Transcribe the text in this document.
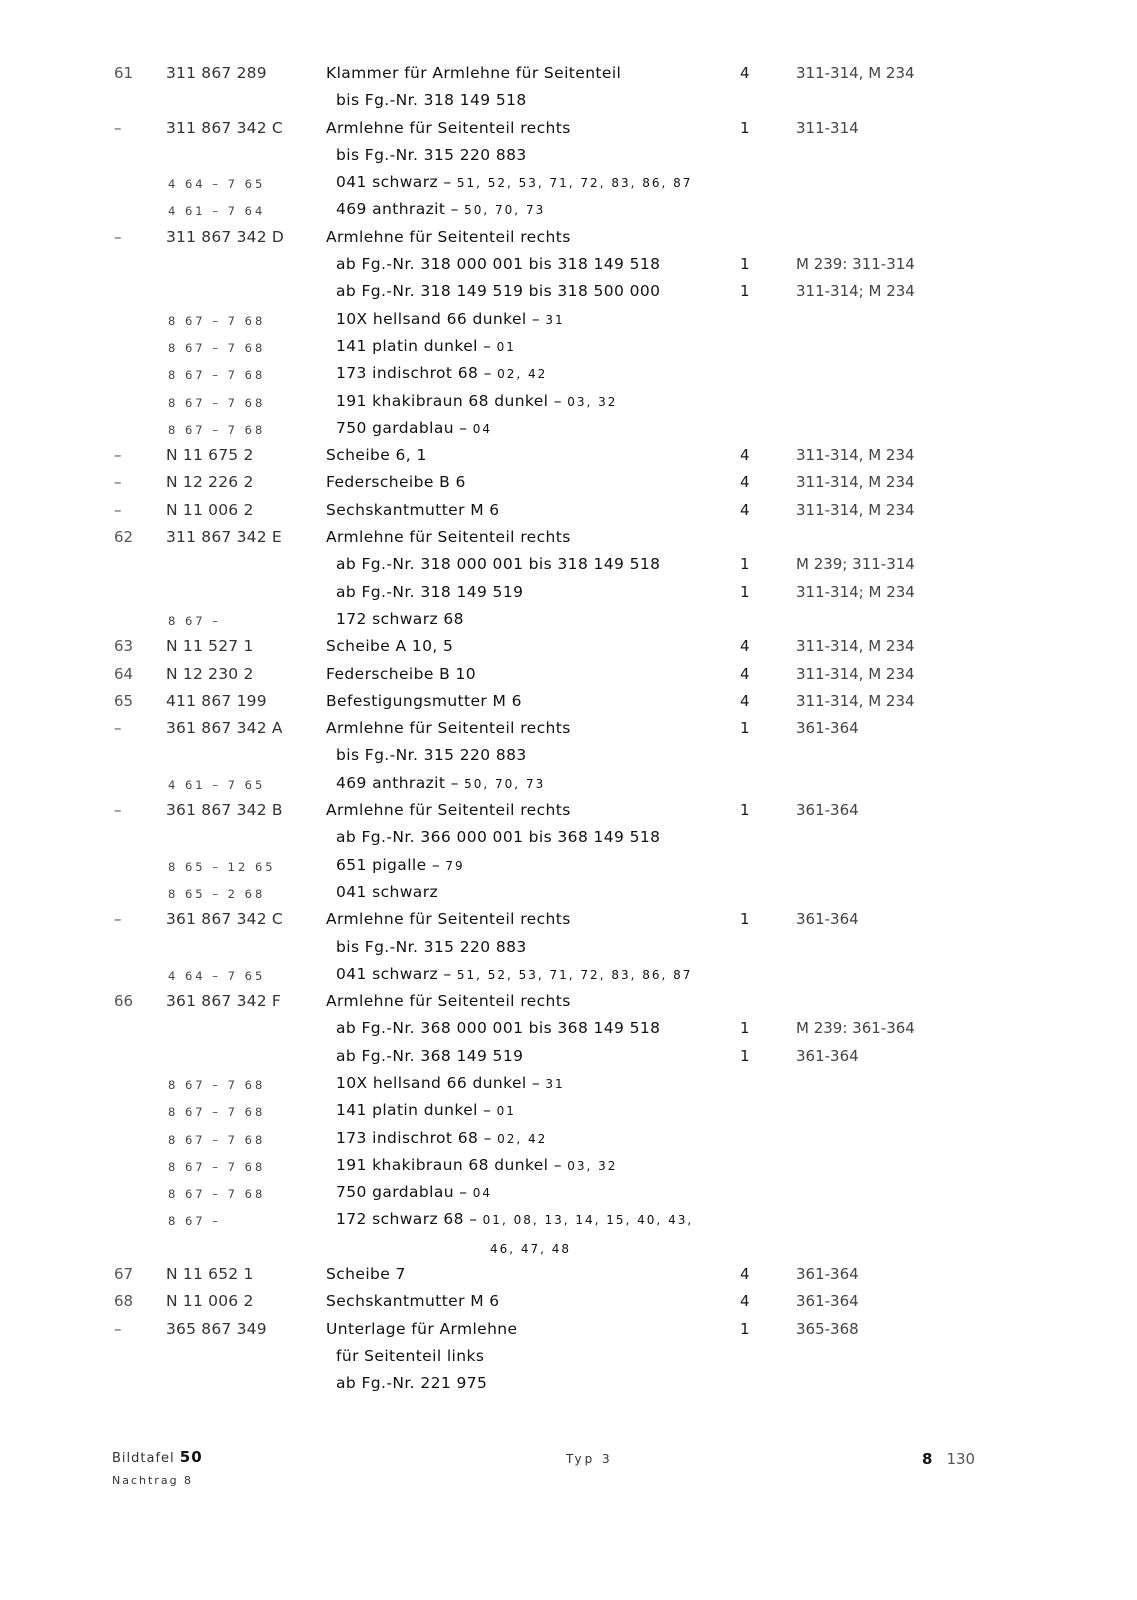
61	311 867 289	Klammer für Armlehne für Seitenteil	4	311-314, M 234
bis Fg.-Nr. 318 149 518
–	311 867 342 C	Armlehne für Seitenteil rechts	1	311-314
bis Fg.-Nr. 315 220 883
4 64 – 7 65	041 schwarz – 51, 52, 53, 71, 72, 83, 86, 87
4 61 – 7 64	469 anthrazit – 50, 70, 73
–	311 867 342 D	Armlehne für Seitenteil rechts
ab Fg.-Nr. 318 000 001 bis 318 149 518	1	M 239: 311-314
ab Fg.-Nr. 318 149 519 bis 318 500 000	1	311-314; M 234
8 67 – 7 68	10X hellsand 66 dunkel – 31
8 67 – 7 68	141 platin dunkel – 01
8 67 – 7 68	173 indischrot 68 – 02, 42
8 67 – 7 68	191 khakibraun 68 dunkel – 03, 32
8 67 – 7 68	750 gardablau – 04
–	N 11 675 2	Scheibe 6, 1	4	311-314, M 234
–	N 12 226 2	Federscheibe B 6	4	311-314, M 234
–	N 11 006 2	Sechskantmutter M 6	4	311-314, M 234
62	311 867 342 E	Armlehne für Seitenteil rechts
ab Fg.-Nr. 318 000 001 bis 318 149 518	1	M 239; 311-314
ab Fg.-Nr. 318 149 519	1	311-314; M 234
8 67 –	172 schwarz 68
63	N 11 527 1	Scheibe A 10, 5	4	311-314, M 234
64	N 12 230 2	Federscheibe B 10	4	311-314, M 234
65	411 867 199	Befestigungsmutter M 6	4	311-314, M 234
–	361 867 342 A	Armlehne für Seitenteil rechts	1	361-364
bis Fg.-Nr. 315 220 883
4 61 – 7 65	469 anthrazit – 50, 70, 73
–	361 867 342 B	Armlehne für Seitenteil rechts	1	361-364
ab Fg.-Nr. 366 000 001 bis 368 149 518
8 65 – 12 65	651 pigalle – 79
8 65 – 2 68	041 schwarz
–	361 867 342 C	Armlehne für Seitenteil rechts	1	361-364
bis Fg.-Nr. 315 220 883
4 64 – 7 65	041 schwarz – 51, 52, 53, 71, 72, 83, 86, 87
66	361 867 342 F	Armlehne für Seitenteil rechts
ab Fg.-Nr. 368 000 001 bis 368 149 518	1	M 239: 361-364
ab Fg.-Nr. 368 149 519	1	361-364
8 67 – 7 68	10X hellsand 66 dunkel – 31
8 67 – 7 68	141 platin dunkel – 01
8 67 – 7 68	173 indischrot 68 – 02, 42
8 67 – 7 68	191 khakibraun 68 dunkel – 03, 32
8 67 – 7 68	750 gardablau – 04
8 67 –	172 schwarz 68 – 01, 08, 13, 14, 15, 40, 43,
46, 47, 48
67	N 11 652 1	Scheibe 7	4	361-364
68	N 11 006 2	Sechskantmutter M 6	4	361-364
–	365 867 349	Unterlage für Armlehne	1	365-368
für Seitenteil links
ab Fg.-Nr. 221 975
Bildtafel 50
Nachtrag 8
Typ 3	8 130
